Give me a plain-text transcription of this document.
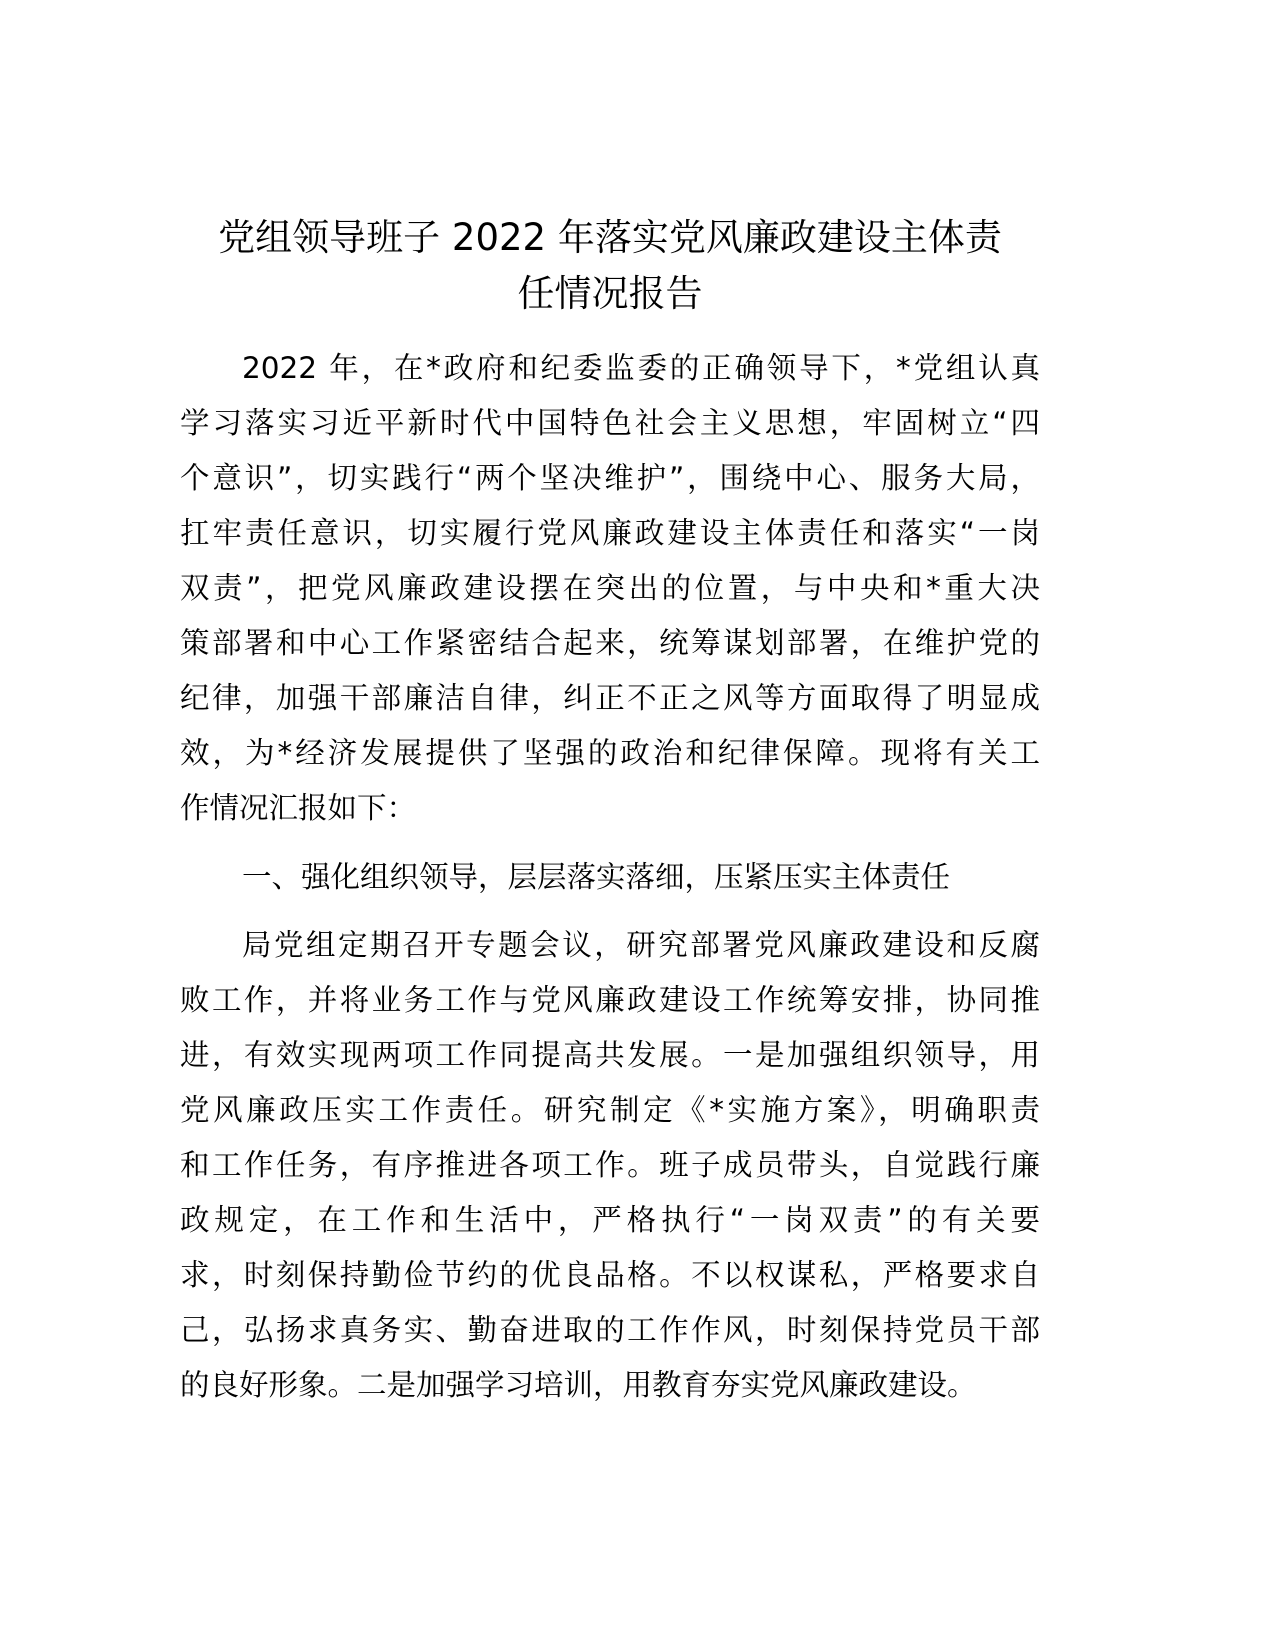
党组领导班子 2022 年落实党风廉政建设主体责
任情况报告
2022 年，在*政府和纪委监委的正确领导下，*党组认真
学习落实习近平新时代中国特色社会主义思想，牢固树立“四
个意识”，切实践行“两个坚决维护”，围绕中心、服务大局，
扛牢责任意识，切实履行党风廉政建设主体责任和落实“一岗
双责”，把党风廉政建设摆在突出的位置，与中央和*重大决
策部署和中心工作紧密结合起来，统筹谋划部署，在维护党的
纪律，加强干部廉洁自律，纠正不正之风等方面取得了明显成
效，为*经济发展提供了坚强的政治和纪律保障。现将有关工
作情况汇报如下：
一、强化组织领导，层层落实落细，压紧压实主体责任
局党组定期召开专题会议，研究部署党风廉政建设和反腐
败工作，并将业务工作与党风廉政建设工作统筹安排，协同推
进，有效实现两项工作同提高共发展。一是加强组织领导，用
党风廉政压实工作责任。研究制定《*实施方案》，明确职责
和工作任务，有序推进各项工作。班子成员带头，自觉践行廉
政规定，在工作和生活中，严格执行“一岗双责”的有关要
求，时刻保持勤俭节约的优良品格。不以权谋私，严格要求自
己，弘扬求真务实、勤奋进取的工作作风，时刻保持党员干部
的良好形象。二是加强学习培训，用教育夯实党风廉政建设。
